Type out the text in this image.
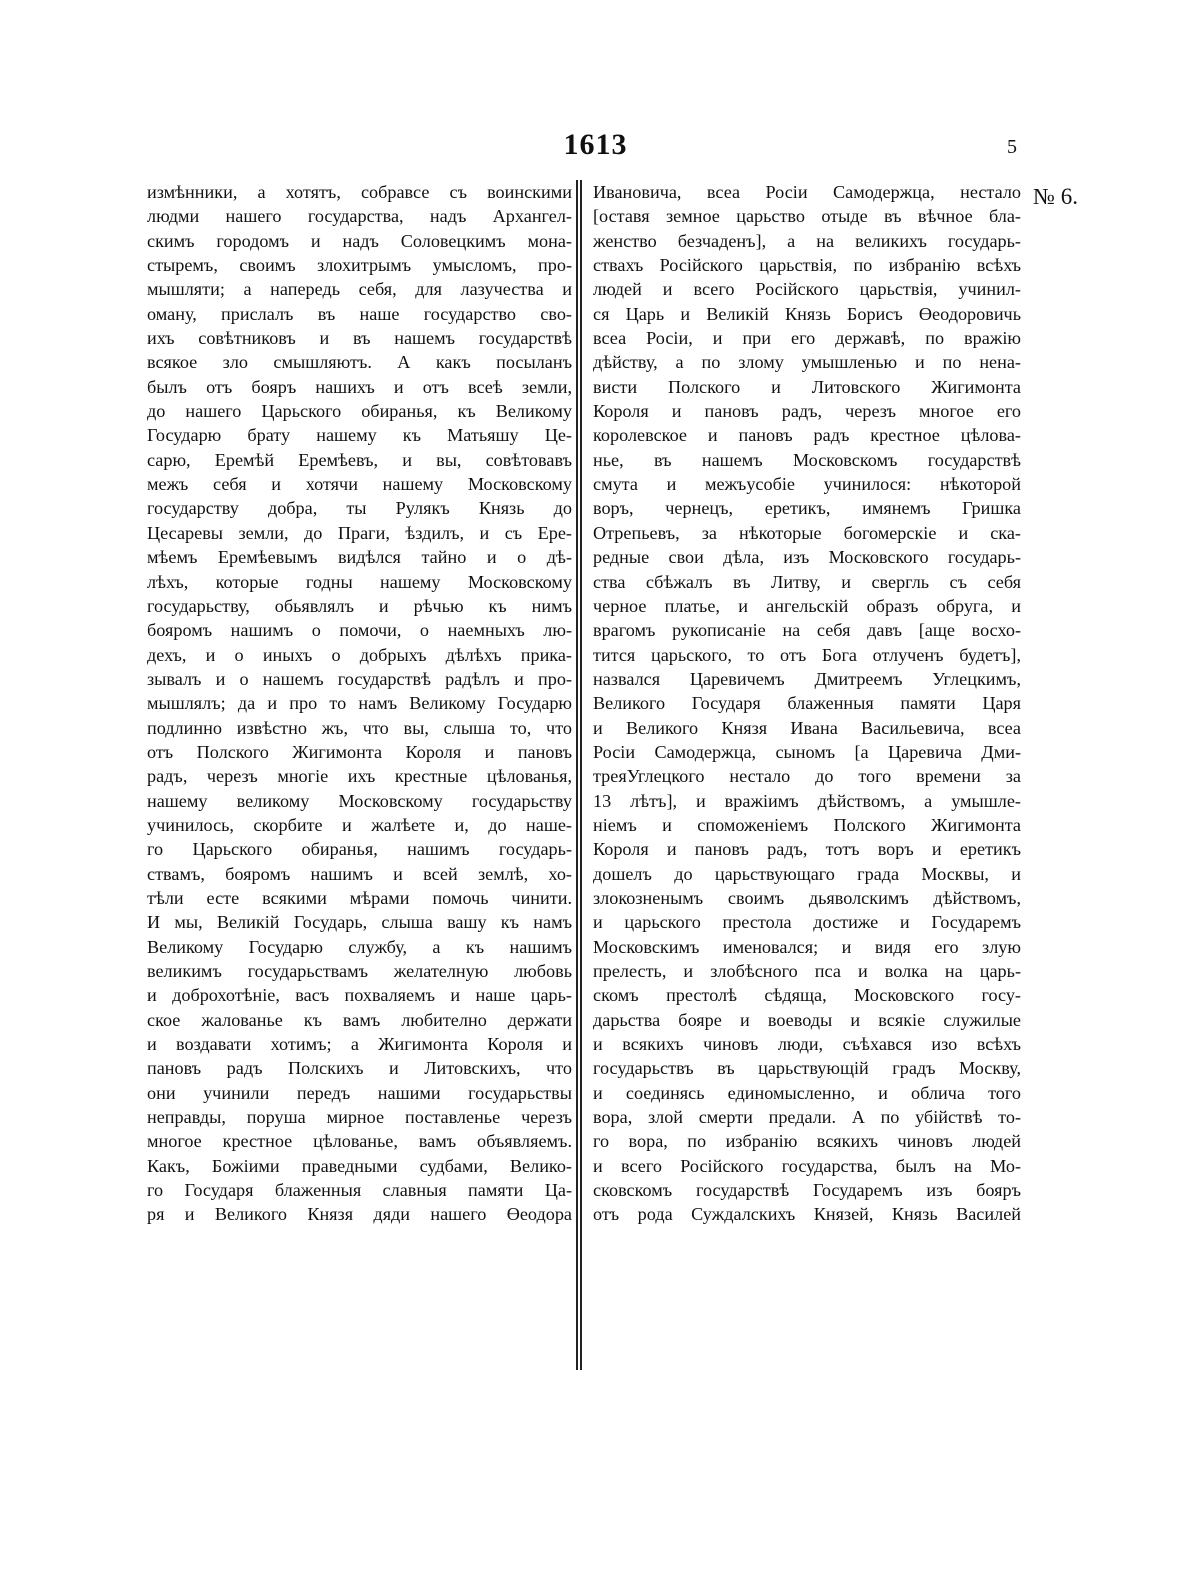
1613	5
№ 6.
измѣнники, а хотятъ, собравсе съ воинскими
людми нашего государства, надъ Архангел-
скимъ городомъ и надъ Соловецкимъ мона-
стыремъ, своимъ злохитрымъ умысломъ, про-
мышляти; а напередь себя, для лазучества и
оману, прислалъ въ наше государство сво-
ихъ совѣтниковъ и въ нашемъ государствѣ
всякое зло смышляютъ. А какъ посыланъ
былъ отъ бояръ нашихъ и отъ всеѣ земли,
до нашего Царьского обиранья, къ Великому
Государю брату нашему къ Матьяшу Це-
сарю, Еремѣй Еремѣевъ, и вы, совѣтовавъ
межъ себя и хотячи нашему Московскому
государству добра, ты Рулякъ Князь до
Цесаревы земли, до Праги, ѣздилъ, и съ Ере-
мѣемъ Еремѣевымъ видѣлся тайно и о дѣ-
лѣхъ, которые годны нашему Московскому
государьству, обьявлялъ и рѣчью къ нимъ
бояромъ нашимъ о помочи, о наемныхъ лю-
дехъ, и о иныхъ о добрыхъ дѣлѣхъ прика-
зывалъ и о нашемъ государствѣ радѣлъ и про-
мышлялъ; да и про то намъ Великому Государю
подлинно извѣстно жъ, что вы, слыша то, что
отъ Полского Жигимонта Короля и пановъ
радъ, черезъ многіе ихъ крестные цѣлованья,
нашему великому Московскому государьству
учинилось, скорбите и жалѣете и, до наше-
го Царьского обиранья, нашимъ государь-
ствамъ, бояромъ нашимъ и всей землѣ, хо-
тѣли есте всякими мѣрами помочь чинити.
И мы, Великій Государь, слыша вашу къ намъ
Великому Государю службу, а къ нашимъ
великимъ государьствамъ желателную любовь
и доброхотѣніе, васъ похваляемъ и наше царь-
ское жалованье къ вамъ любително держати
и воздавати хотимъ; а Жигимонта Короля и
пановъ радъ Полскихъ и Литовскихъ, что
они учинили передъ нашими государьствы
неправды, поруша мирное поставленье черезъ
многое крестное цѣлованье, вамъ объявляемъ.
Какъ, Божіими праведными судбами, Велико-
го Государя блаженныя славныя памяти Ца-
ря и Великого Князя дяди нашего Өеодора
Ивановича, всеа Росіи Самодержца, нестало
[оставя земное царьство отыде въ вѣчное бла-
женство безчаденъ], а на великихъ государь-
ствахъ Російского царьствія, по избранію всѣхъ
людей и всего Російского царьствія, учинил-
ся Царь и Великій Князь Борисъ Өеодоровичь
всеа Росіи, и при его державѣ, по вражію
дѣйству, а по злому умышленью и по нена-
висти Полского и Литовского Жигимонта
Короля и пановъ радъ, черезъ многое его
королевское и пановъ радъ крестное цѣлова-
нье, въ нашемъ Московскомъ государствѣ
смута и межъусобіе учинилося: нѣкоторой
воръ, чернецъ, еретикъ, имянемъ Гришка
Отрепьевъ, за нѣкоторые богомерскіе и ска-
редные свои дѣла, изъ Московского государь-
ства сбѣжалъ въ Литву, и свергль съ себя
черное платье, и ангельскій образъ обруга, и
врагомъ рукописаніе на себя давъ [аще восхо-
тится царьского, то отъ Бога отлученъ будетъ],
назвался Царевичемъ Дмитреемъ Углецкимъ,
Великого Государя блаженныя памяти Царя
и Великого Князя Ивана Васильевича, всеа
Росіи Самодержца, сыномъ [а Царевича Дми-
треяУглецкого нестало до того времени за
13 лѣтъ], и вражіимъ дѣйствомъ, а умышле-
ніемъ и споможеніемъ Полского Жигимонта
Короля и пановъ радъ, тотъ воръ и еретикъ
дошелъ до царьствующаго града Москвы, и
злокозненымъ своимъ дьяволскимъ дѣйствомъ,
и царьского престола достиже и Государемъ
Московскимъ именовался; и видя его злую
прелесть, и злобѣсного пса и волка на царь-
скомъ престолѣ сѣдяща, Московского госу-
дарьства бояре и воеводы и всякіе служилые
и всякихъ чиновъ люди, съѣхався изо всѣхъ
государьствъ въ царьствующій градъ Москву,
и соединясь единомысленно, и облича того
вора, злой смерти предали. А по убійствѣ то-
го вора, по избранію всякихъ чиновъ людей
и всего Російского государства, былъ на Мо-
сковскомъ государствѣ Государемъ изъ бояръ
отъ рода Суждалскихъ Князей, Князь Василей
